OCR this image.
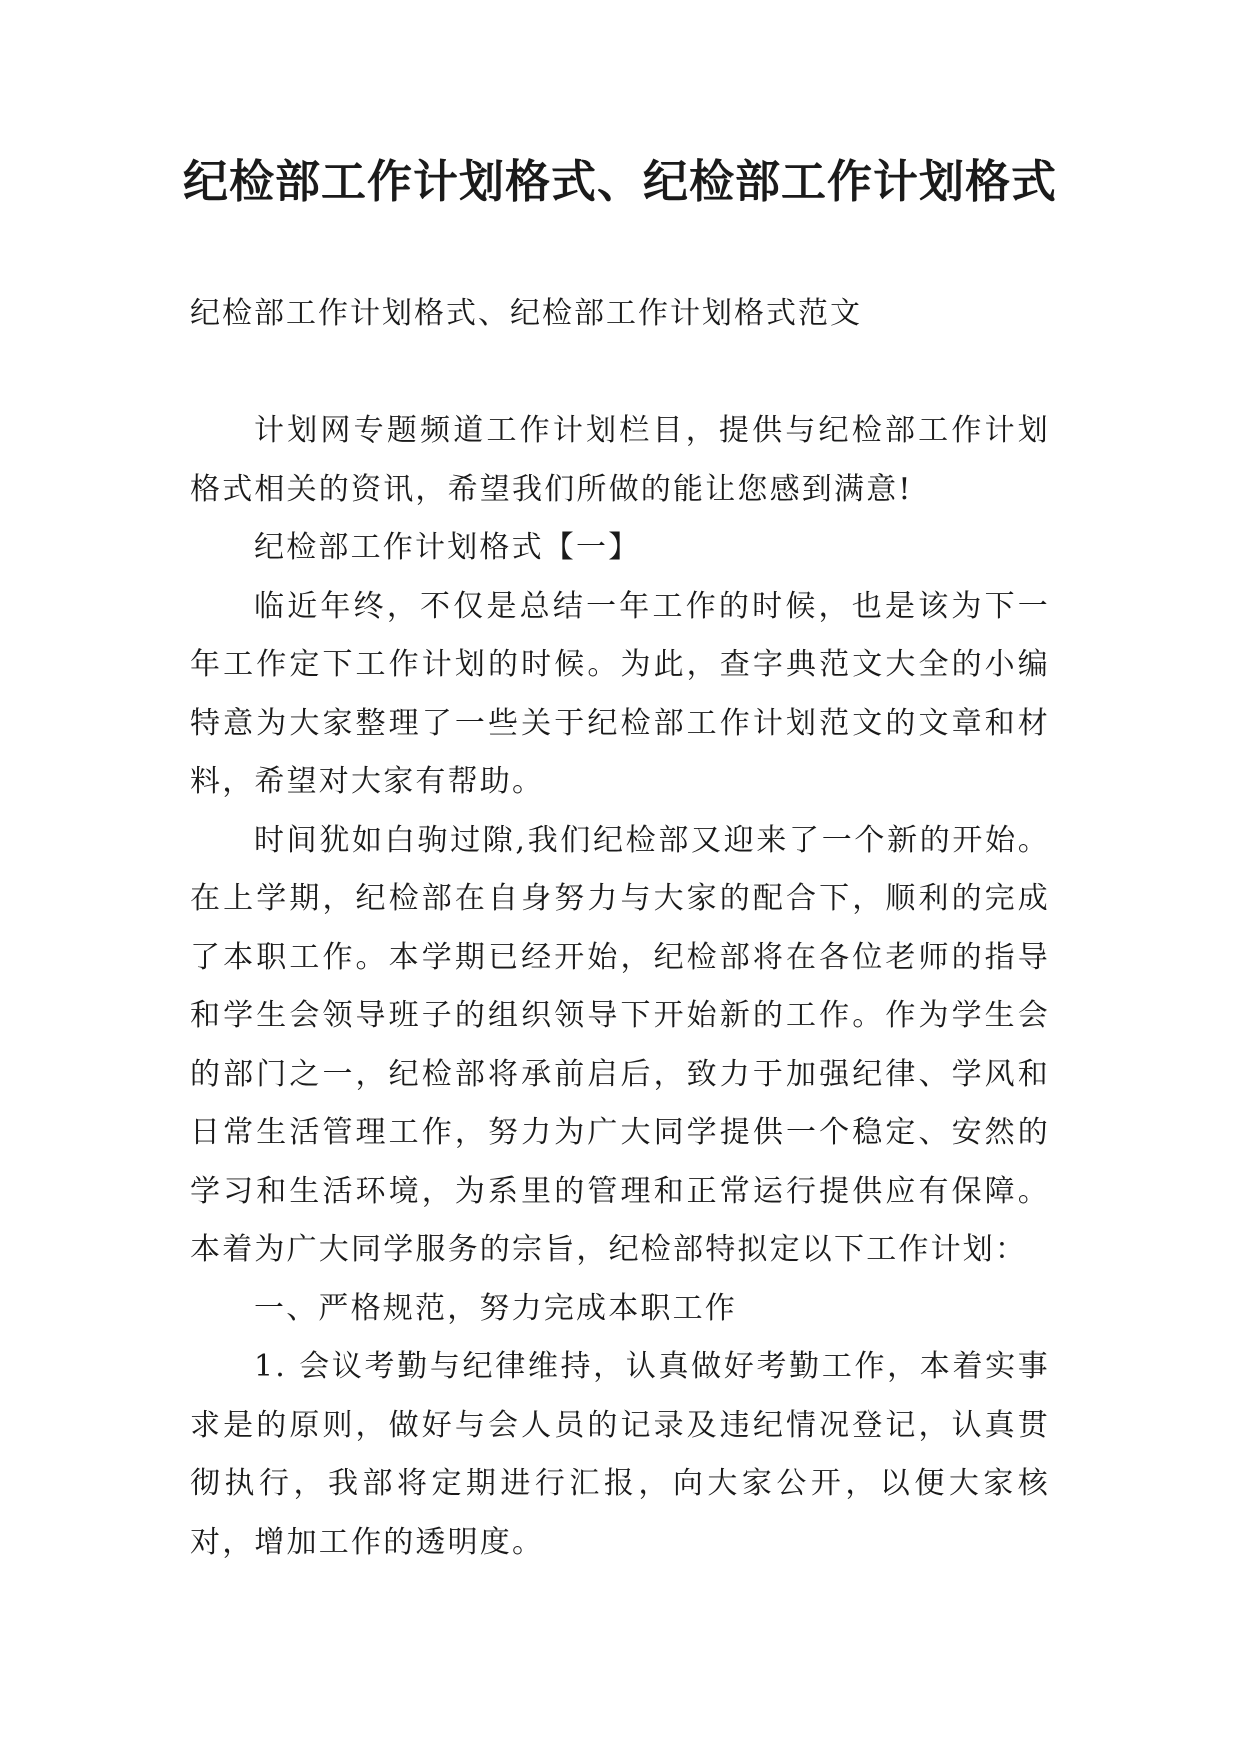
纪检部工作计划格式、纪检部工作计划格式

纪检部工作计划格式、纪检部工作计划格式范文

计划网专题频道工作计划栏目，提供与纪检部工作计划格式相关的资讯，希望我们所做的能让您感到满意!

纪检部工作计划格式【一】

临近年终，不仅是总结一年工作的时候，也是该为下一年工作定下工作计划的时候。为此，查字典范文大全的小编特意为大家整理了一些关于纪检部工作计划范文的文章和材料，希望对大家有帮助。

时间犹如白驹过隙,我们纪检部又迎来了一个新的开始。在上学期，纪检部在自身努力与大家的配合下，顺利的完成了本职工作。本学期已经开始，纪检部将在各位老师的指导和学生会领导班子的组织领导下开始新的工作。作为学生会的部门之一，纪检部将承前启后，致力于加强纪律、学风和日常生活管理工作，努力为广大同学提供一个稳定、安然的学习和生活环境，为系里的管理和正常运行提供应有保障。本着为广大同学服务的宗旨，纪检部特拟定以下工作计划：

一、严格规范，努力完成本职工作

1. 会议考勤与纪律维持，认真做好考勤工作，本着实事求是的原则，做好与会人员的记录及违纪情况登记，认真贯彻执行，我部将定期进行汇报，向大家公开，以便大家核对，增加工作的透明度。
